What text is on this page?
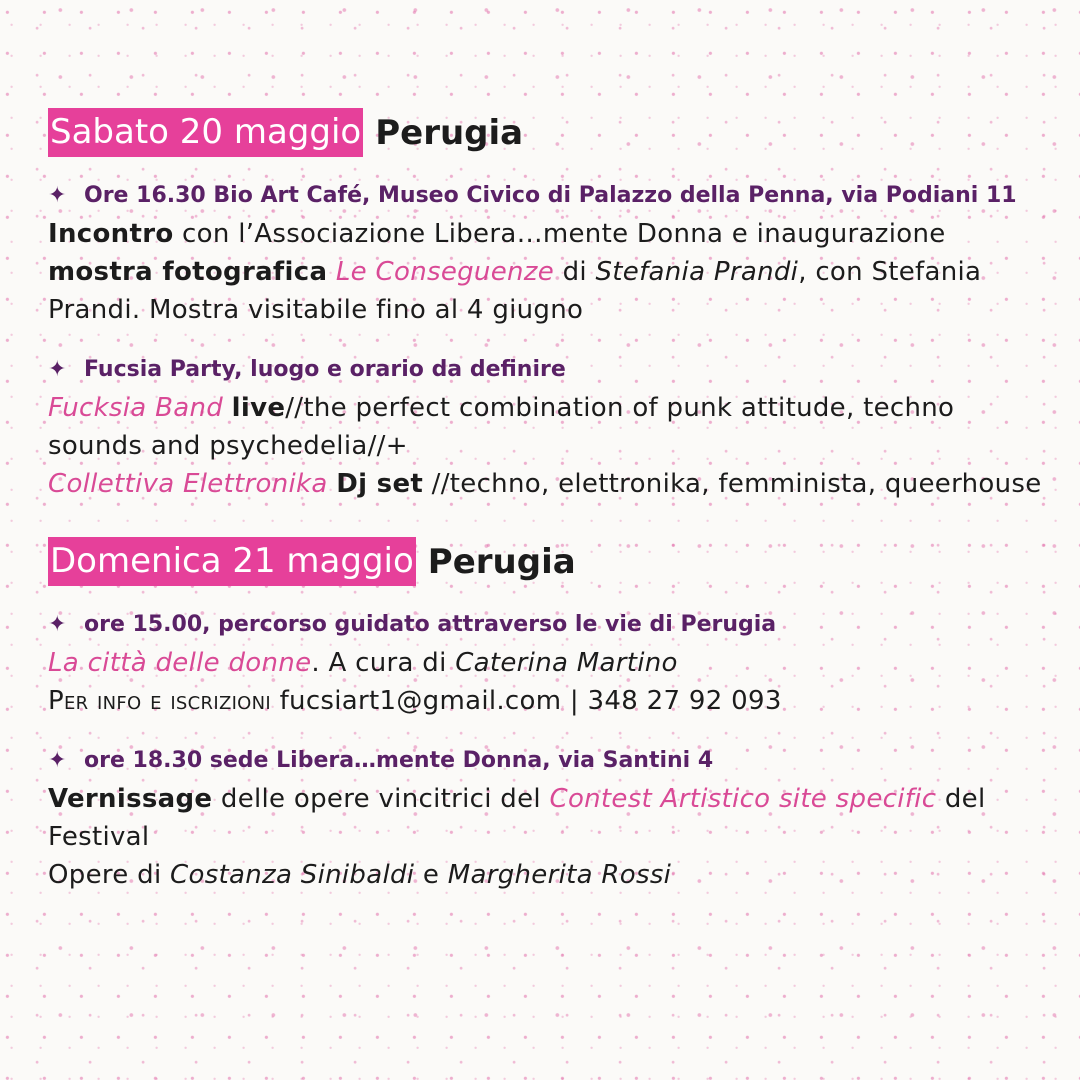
Sabato 20 maggio Perugia

✦ Ore 16.30 Bio Art Café, Museo Civico di Palazzo della Penna, via Podiani 11

Incontro con l’Associazione Libera…mente Donna e inaugurazione mostra fotografica Le Conseguenze di Stefania Prandi, con Stefania Prandi. Mostra visitabile fino al 4 giugno

✦ Fucsia Party, luogo e orario da definire

Fucksia Band live//the perfect combination of punk attitude, techno sounds and psychedelia//+
Collettiva Elettronika Dj set //techno, elettronika, femminista, queerhouse

Domenica 21 maggio Perugia

✦ ore 15.00, percorso guidato attraverso le vie di Perugia

La città delle donne. A cura di Caterina Martino
Per info e iscrizioni fucsiart1@gmail.com | 348 27 92 093

✦ ore 18.30 sede Libera…mente Donna, via Santini 4

Vernissage delle opere vincitrici del Contest Artistico site specific del Festival
Opere di Costanza Sinibaldi e Margherita Rossi
